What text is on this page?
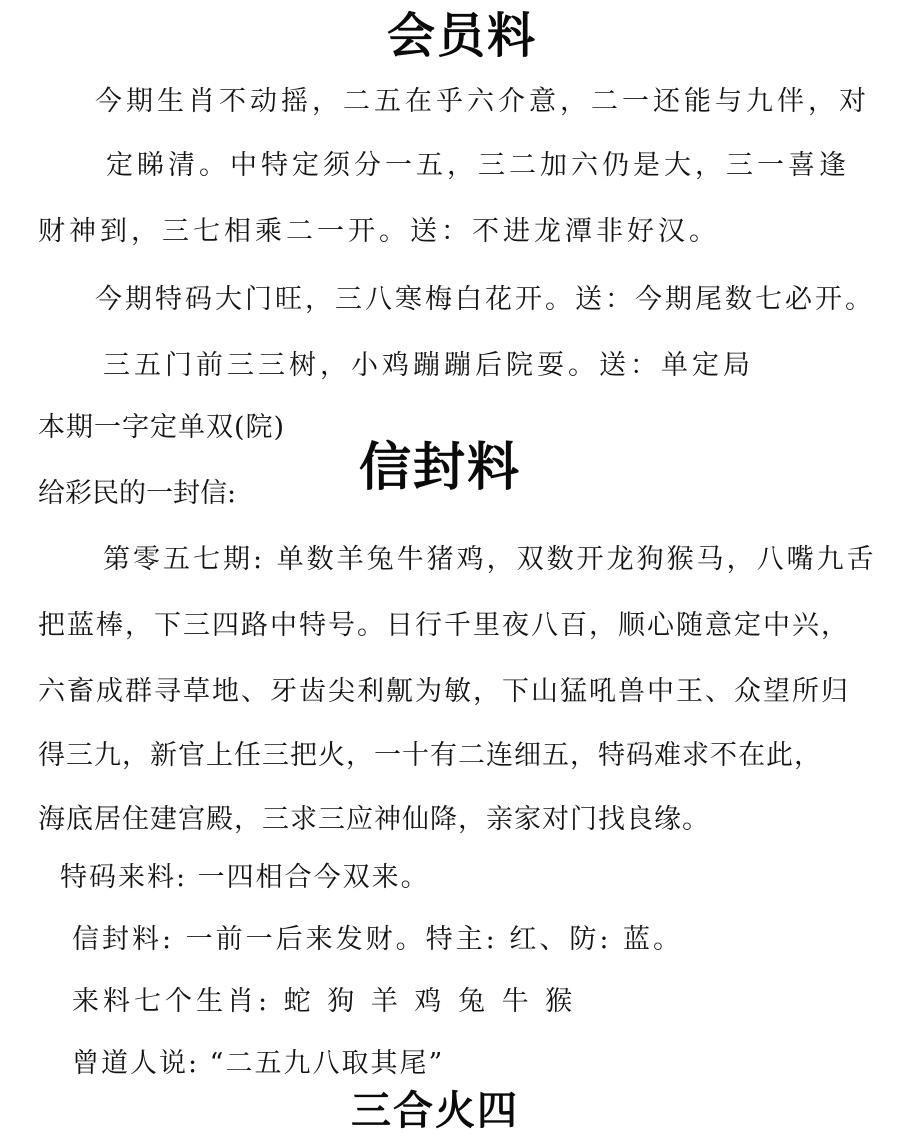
会员料
今期生肖不动摇，二五在乎六介意，二一还能与九伴，对
定睇清。中特定须分一五，三二加六仍是大，三一喜逢
财神到，三七相乘二一开。送：不进龙潭非好汉。
今期特码大门旺，三八寒梅白花开。送：今期尾数七必开。
三五门前三三树，小鸡蹦蹦后院耍。送：单定局
本期一字定单双(院)
信封料
给彩民的一封信:
第零五七期: 单数羊兔牛猪鸡，双数开龙狗猴马，八嘴九舌
把蓝棒，下三四路中特号。日行千里夜八百，顺心随意定中兴，
六畜成群寻草地、牙齿尖利鼿为敏，下山猛吼兽中王、众望所归
得三九，新官上任三把火，一十有二连细五，特码难求不在此，
海底居住建宫殿，三求三应神仙降，亲家对门找良缘。
特码来料: 一四相合今双来。
信封料: 一前一后来发财。特主: 红、防: 蓝。
来料七个生肖: 蛇 狗 羊 鸡 兔 牛 猴
曾道人说: “二五九八取其尾”
三合火四
